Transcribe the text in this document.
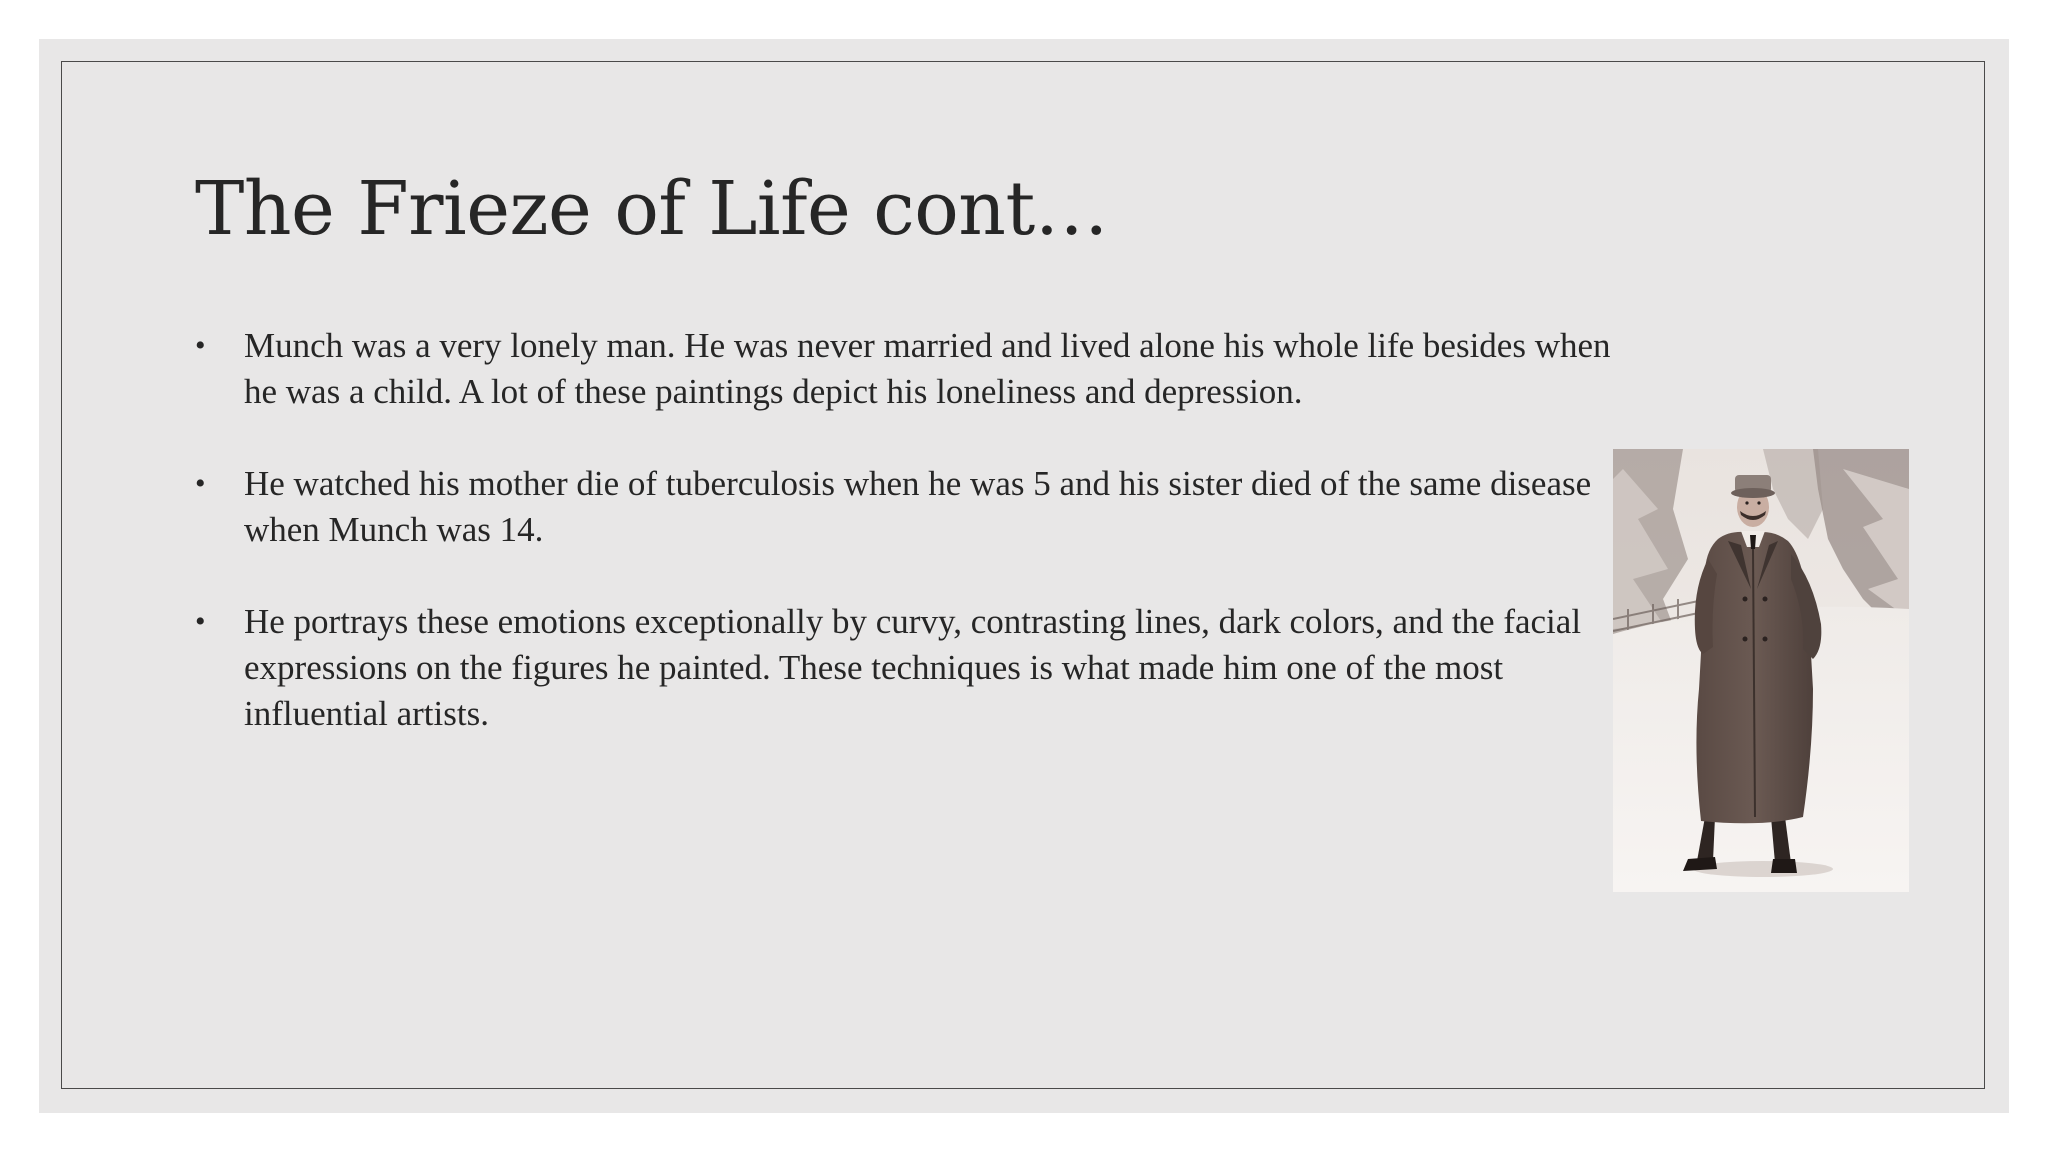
The Frieze of Life cont…
• Munch was a very lonely man. He was never married and lived alone his whole life besides when he was a child. A lot of these paintings depict his loneliness and depression.
• He watched his mother die of tuberculosis when he was 5 and his sister died of the same disease when Munch was 14.
• He portrays these emotions exceptionally by curvy, contrasting lines, dark colors, and the facial expressions on the figures he painted. These techniques is what made him one of the most influential artists.
